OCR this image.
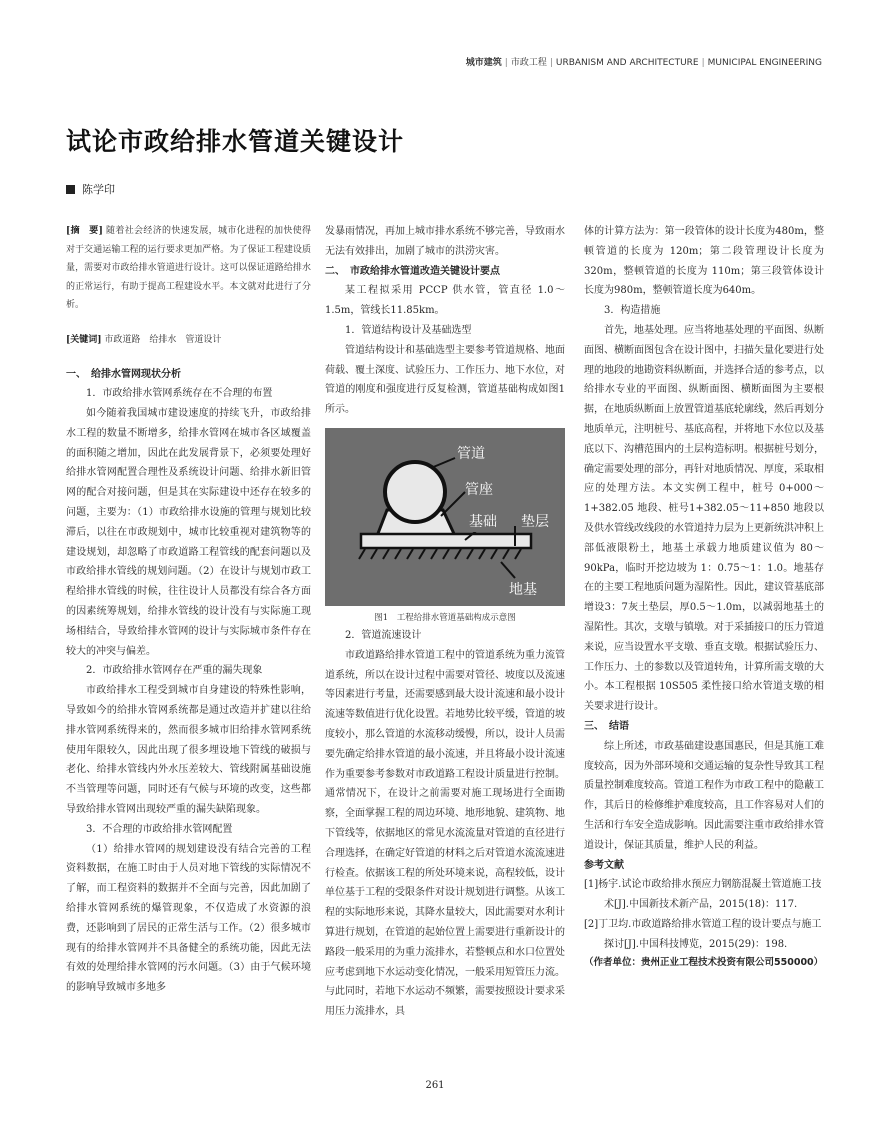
城市建筑 | 市政工程 | URBANISM AND ARCHITECTURE | MUNICIPAL ENGINEERING
试论市政给排水管道关键设计
陈学印
[摘　要] 随着社会经济的快速发展，城市化进程的加快使得对于交通运输工程的运行要求更加严格。为了保证工程建设质量，需要对市政给排水管道进行设计。这可以保证道路给排水的正常运行，有助于提高工程建设水平。本文就对此进行了分析。
[关键词] 市政道路　给排水　管道设计
一、　给排水管网现状分析
1．市政给排水管网系统存在不合理的布置
如今随着我国城市建设速度的持续飞升，市政给排水工程的数量不断增多，给排水管网在城市各区域覆盖的面积随之增加，因此在此发展背景下，必须要处理好给排水管网配置合理性及系统设计问题、给排水新旧管网的配合对接问题，但是其在实际建设中还存在较多的问题，主要为：（1）市政给排水设施的管理与规划比较滞后，以往在市政规划中，城市比较重视对建筑物等的建设规划，却忽略了市政道路工程管线的配套问题以及市政给排水管线的规划问题。（2）在设计与规划市政工程给排水管线的时候，往往设计人员都没有综合各方面的因素统筹规划，给排水管线的设计没有与实际施工现场相结合，导致给排水管网的设计与实际城市条件存在较大的冲突与偏差。
2．市政给排水管网存在严重的漏失现象
市政给排水工程受到城市自身建设的特殊性影响，导致如今的给排水管网系统都是通过改造并扩建以往给排水管网系统得来的，然而很多城市旧给排水管网系统使用年限较久，因此出现了很多埋设地下管线的破损与老化、给排水管线内外水压差较大、管线附属基础设施不当管理等问题，同时还有气候与环境的改变，这些都导致给排水管网出现较严重的漏失缺陷现象。
3．不合理的市政给排水管网配置
（1）给排水管网的规划建设没有结合完善的工程资料数据，在施工时由于人员对地下管线的实际情况不了解，而工程资料的数据并不全面与完善，因此加剧了给排水管网系统的爆管现象，不仅造成了水资源的浪费，还影响到了居民的正常生活与工作。（2）很多城市现有的给排水管网并不具备健全的系统功能，因此无法有效的处理给排水管网的污水问题。（3）由于气候环境的影响导致城市多地多
发暴雨情况，再加上城市排水系统不够完善，导致雨水无法有效排出，加剧了城市的洪涝灾害。
二、　市政给排水管道改造关键设计要点
某工程拟采用 PCCP 供水管，管直径 1.0～1.5m，管线长11.85km。
1．管道结构设计及基础选型
管道结构设计和基础选型主要参考管道规格、地面荷载、覆土深度、试验压力、工作压力、地下水位，对管道的刚度和强度进行反复检测，管道基础构成如图1所示。
管道
管座
基础 垫层
地基
图1　工程给排水管道基础构成示意图
2．管道流速设计
市政道路给排水管道工程中的管道系统为重力流管道系统，所以在设计过程中需要对管径、坡度以及流速等因素进行考量，还需要感到最大设计流速和最小设计流速等数值进行优化设置。若地势比较平缓，管道的坡度较小，那么管道的水流移动缓慢，所以，设计人员需要先确定给排水管道的最小流速，并且将最小设计流速作为重要参考参数对市政道路工程设计质量进行控制。通常情况下，在设计之前需要对施工现场进行全面勘察，全面掌握工程的周边环境、地形地貌、建筑物、地下管线等，依据地区的常见水流流量对管道的直径进行合理选择，在确定好管道的材料之后对管道水流流速进行检查。依据该工程的所处环境来说，高程较低，设计单位基于工程的受限条件对设计规划进行调整。从该工程的实际地形来说，其降水量较大，因此需要对水利计算进行规划，在管道的起始位置上需要进行重新设计的路段一般采用的为重力流排水，若整顿点和水口位置处应考虑到地下水运动变化情况，一般采用短管压力流。与此同时，若地下水运动不频繁，需要按照设计要求采用压力流排水，具
体的计算方法为：第一段管体的设计长度为480m，整顿管道的长度为 120m；第二段管理设计长度为320m，整顿管道的长度为 110m；第三段管体设计长度为980m，整顿管道长度为640m。
3．构造措施
首先，地基处理。应当将地基处理的平面图、纵断面图、横断面图包含在设计图中，扫描矢量化要进行处理的地段的地勘资料纵断面，并选择合适的参考点，以给排水专业的平面图、纵断面图、横断面图为主要根据，在地质纵断面上放置管道基底轮廓线，然后再划分地质单元，注明桩号、基底高程，并将地下水位以及基底以下、沟槽范围内的土层构造标明。根据桩号划分，确定需要处理的部分，再针对地质情况、厚度，采取相应的处理方法。本文实例工程中，桩号 0+000～ 1+382.05 地段、桩号1+382.05～11+850 地段以及供水管线改线段的水管道持力层为上更新统洪冲积上部低液限粉土，地基土承载力地质建议值为 80～90kPa，临时开挖边坡为 1：0.75～1：1.0。地基存在的主要工程地质问题为湿陷性。因此，建议管基底部增设3：7灰土垫层，厚0.5～1.0m，以减弱地基土的湿陷性。其次，支墩与镇墩。对于采插接口的压力管道来说，应当设置水平支墩、垂直支墩。根据试验压力、工作压力、土的参数以及管道转角，计算所需支墩的大小。本工程根据 10S505 柔性接口给水管道支墩的相关要求进行设计。
三、　结语
综上所述，市政基础建设惠国惠民，但是其施工难度较高，因为外部环境和交通运输的复杂性导致其工程质量控制难度较高。管道工程作为市政工程中的隐蔽工作，其后日的检修维护难度较高，且工作容易对人们的生活和行车安全造成影响。因此需要注重市政给排水管道设计，保证其质量，维护人民的利益。
参考文献
[1]杨宇.试论市政给排水预应力钢筋混凝土管道施工技术[J].中国新技术新产品，2015(18)：117.
[2]丁卫均.市政道路给排水管道工程的设计要点与施工探讨[J].中国科技博览，2015(29)：198.
（作者单位：贵州正业工程技术投资有限公司550000）
261
